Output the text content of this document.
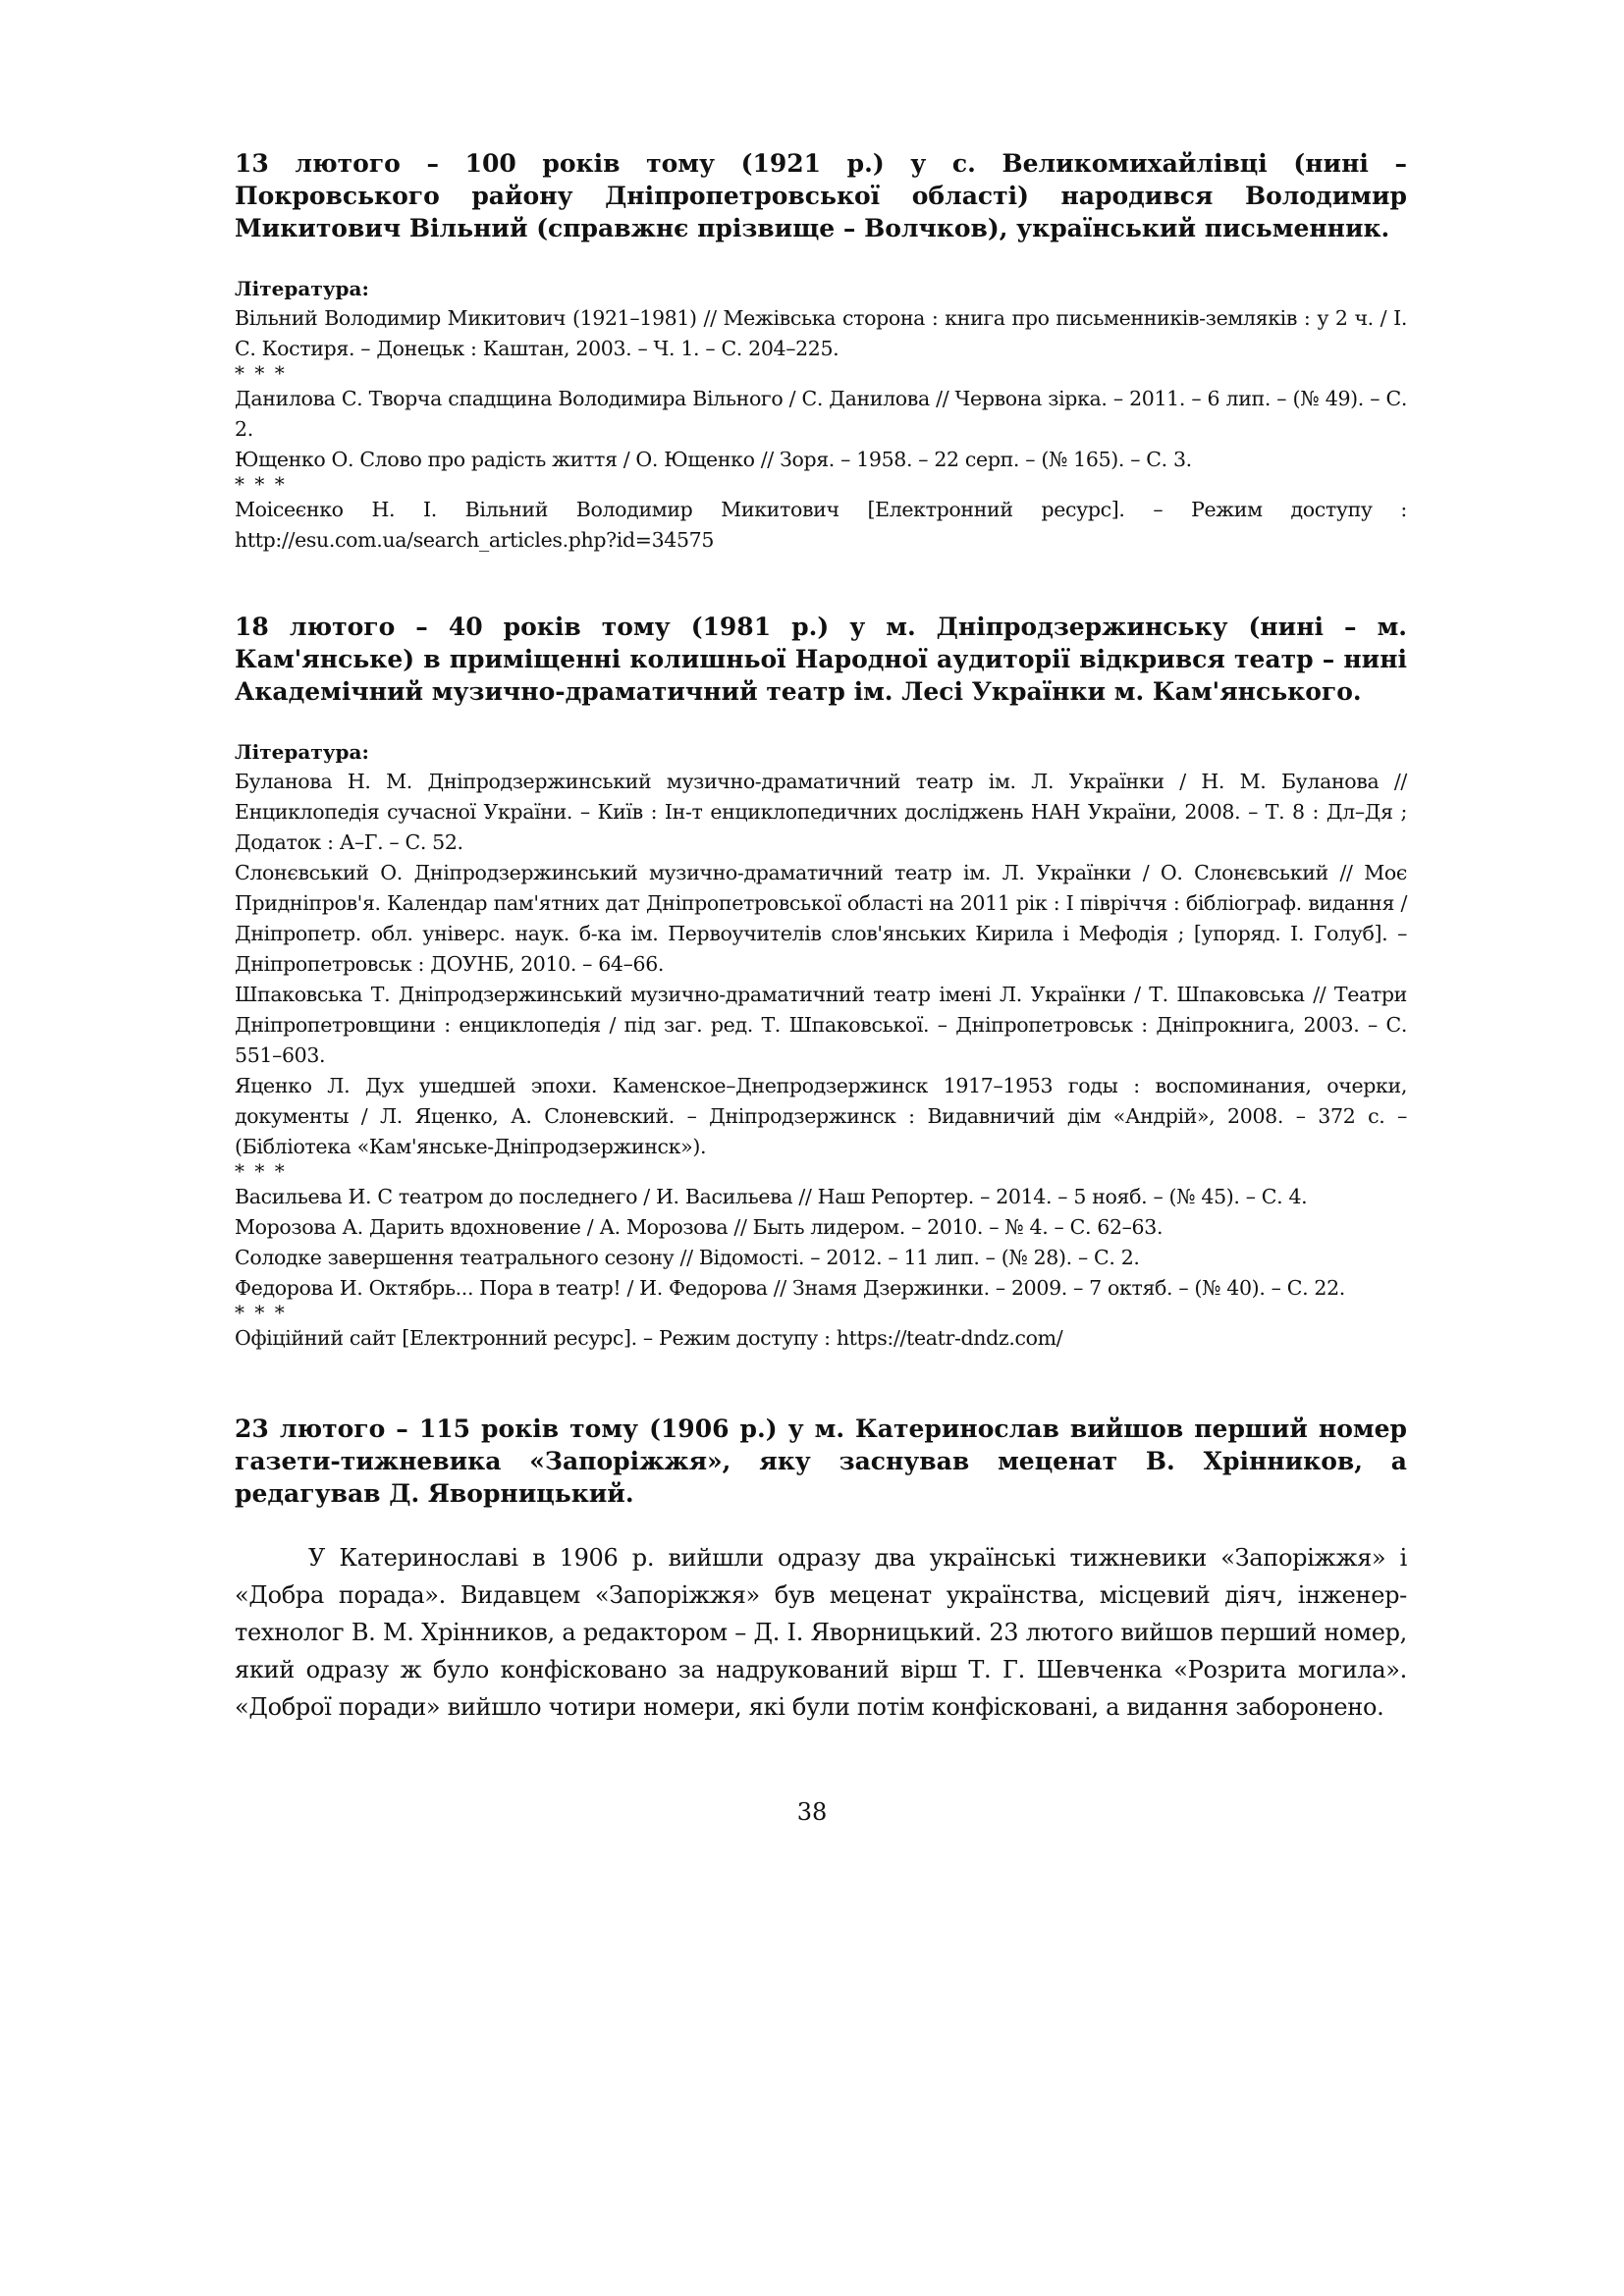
13 лютого – 100 років тому (1921 р.) у с. Великомихайлівці (нині – Покровського району Дніпропетровської області) народився Володимир Микитович Вільний (справжнє прізвище – Волчков), український письменник.

Література:

Вільний Володимир Микитович (1921–1981) // Межівська сторона : книга про письменників-земляків : у 2 ч. / І. С. Костиря. – Донецьк : Каштан, 2003. – Ч. 1. – С. 204–225.

* * *

Данилова С. Творча спадщина Володимира Вільного / С. Данилова // Червона зірка. – 2011. – 6 лип. – (№ 49). – С. 2.

Ющенко О. Слово про радість життя / О. Ющенко // Зоря. – 1958. – 22 серп. – (№ 165). – С. 3.

* * *

Моісеєнко Н. І. Вільний Володимир Микитович [Електронний ресурс]. – Режим доступу : http://esu.com.ua/search_articles.php?id=34575

18 лютого – 40 років тому (1981 р.) у м. Дніпродзержинську (нині – м. Кам'янське) в приміщенні колишньої Народної аудиторії відкрився театр – нині Академічний музично-драматичний театр ім. Лесі Українки м. Кам'янського.

Література:

Буланова Н. М. Дніпродзержинський музично-драматичний театр ім. Л. Українки / Н. М. Буланова // Енциклопедія сучасної України. – Київ : Ін-т енциклопедичних досліджень НАН України, 2008. – Т. 8 : Дл–Дя ; Додаток : А–Г. – С. 52.

Слонєвський О. Дніпродзержинський музично-драматичний театр ім. Л. Українки / О. Слонєвський // Моє Придніпров'я. Календар пам'ятних дат Дніпропетровської області на 2011 рік : І півріччя : бібліограф. видання / Дніпропетр. обл. універс. наук. б-ка ім. Первоучителів слов'янських Кирила і Мефодія ; [упоряд. І. Голуб]. – Дніпропетровськ : ДОУНБ, 2010. – 64–66.

Шпаковська Т. Дніпродзержинський музично-драматичний театр імені Л. Українки / Т. Шпаковська // Театри Дніпропетровщини : енциклопедія / під заг. ред. Т. Шпаковської. – Дніпропетровськ : Дніпрокнига, 2003. – С. 551–603.

Яценко Л. Дух ушедшей эпохи. Каменское–Днепродзержинск 1917–1953 годы : воспоминания, очерки, документы / Л. Яценко, А. Слоневский. – Дніпродзержинск : Видавничий дім «Андрій», 2008. – 372 с. – (Бібліотека «Кам'янське-Дніпродзержинск»).

* * *

Васильева И. С театром до последнего / И. Васильева // Наш Репортер. – 2014. – 5 нояб. – (№ 45). – С. 4.

Морозова А. Дарить вдохновение / А. Морозова // Быть лидером. – 2010. – № 4. – С. 62–63.

Солодке завершення театрального сезону // Відомості. – 2012. – 11 лип. – (№ 28). – С. 2.

Федорова И. Октябрь... Пора в театр! / И. Федорова // Знамя Дзержинки. – 2009. – 7 октяб. – (№ 40). – С. 22.

* * *

Офіційний сайт [Електронний ресурс]. – Режим доступу : https://teatr-dndz.com/

23 лютого – 115 років тому (1906 р.) у м. Катеринослав вийшов перший номер газети-тижневика «Запоріжжя», яку заснував меценат В. Хрінников, а редагував Д. Яворницький.

У Катеринославі в 1906 р. вийшли одразу два українські тижневики «Запоріжжя» і «Добра порада». Видавцем «Запоріжжя» був меценат українства, місцевий діяч, інженер-технолог В. М. Хрінников, а редактором – Д. І. Яворницький. 23 лютого вийшов перший номер, який одразу ж було конфісковано за надрукований вірш Т. Г. Шевченка «Розрита могила». «Доброї поради» вийшло чотири номери, які були потім конфісковані, а видання заборонено.

38
